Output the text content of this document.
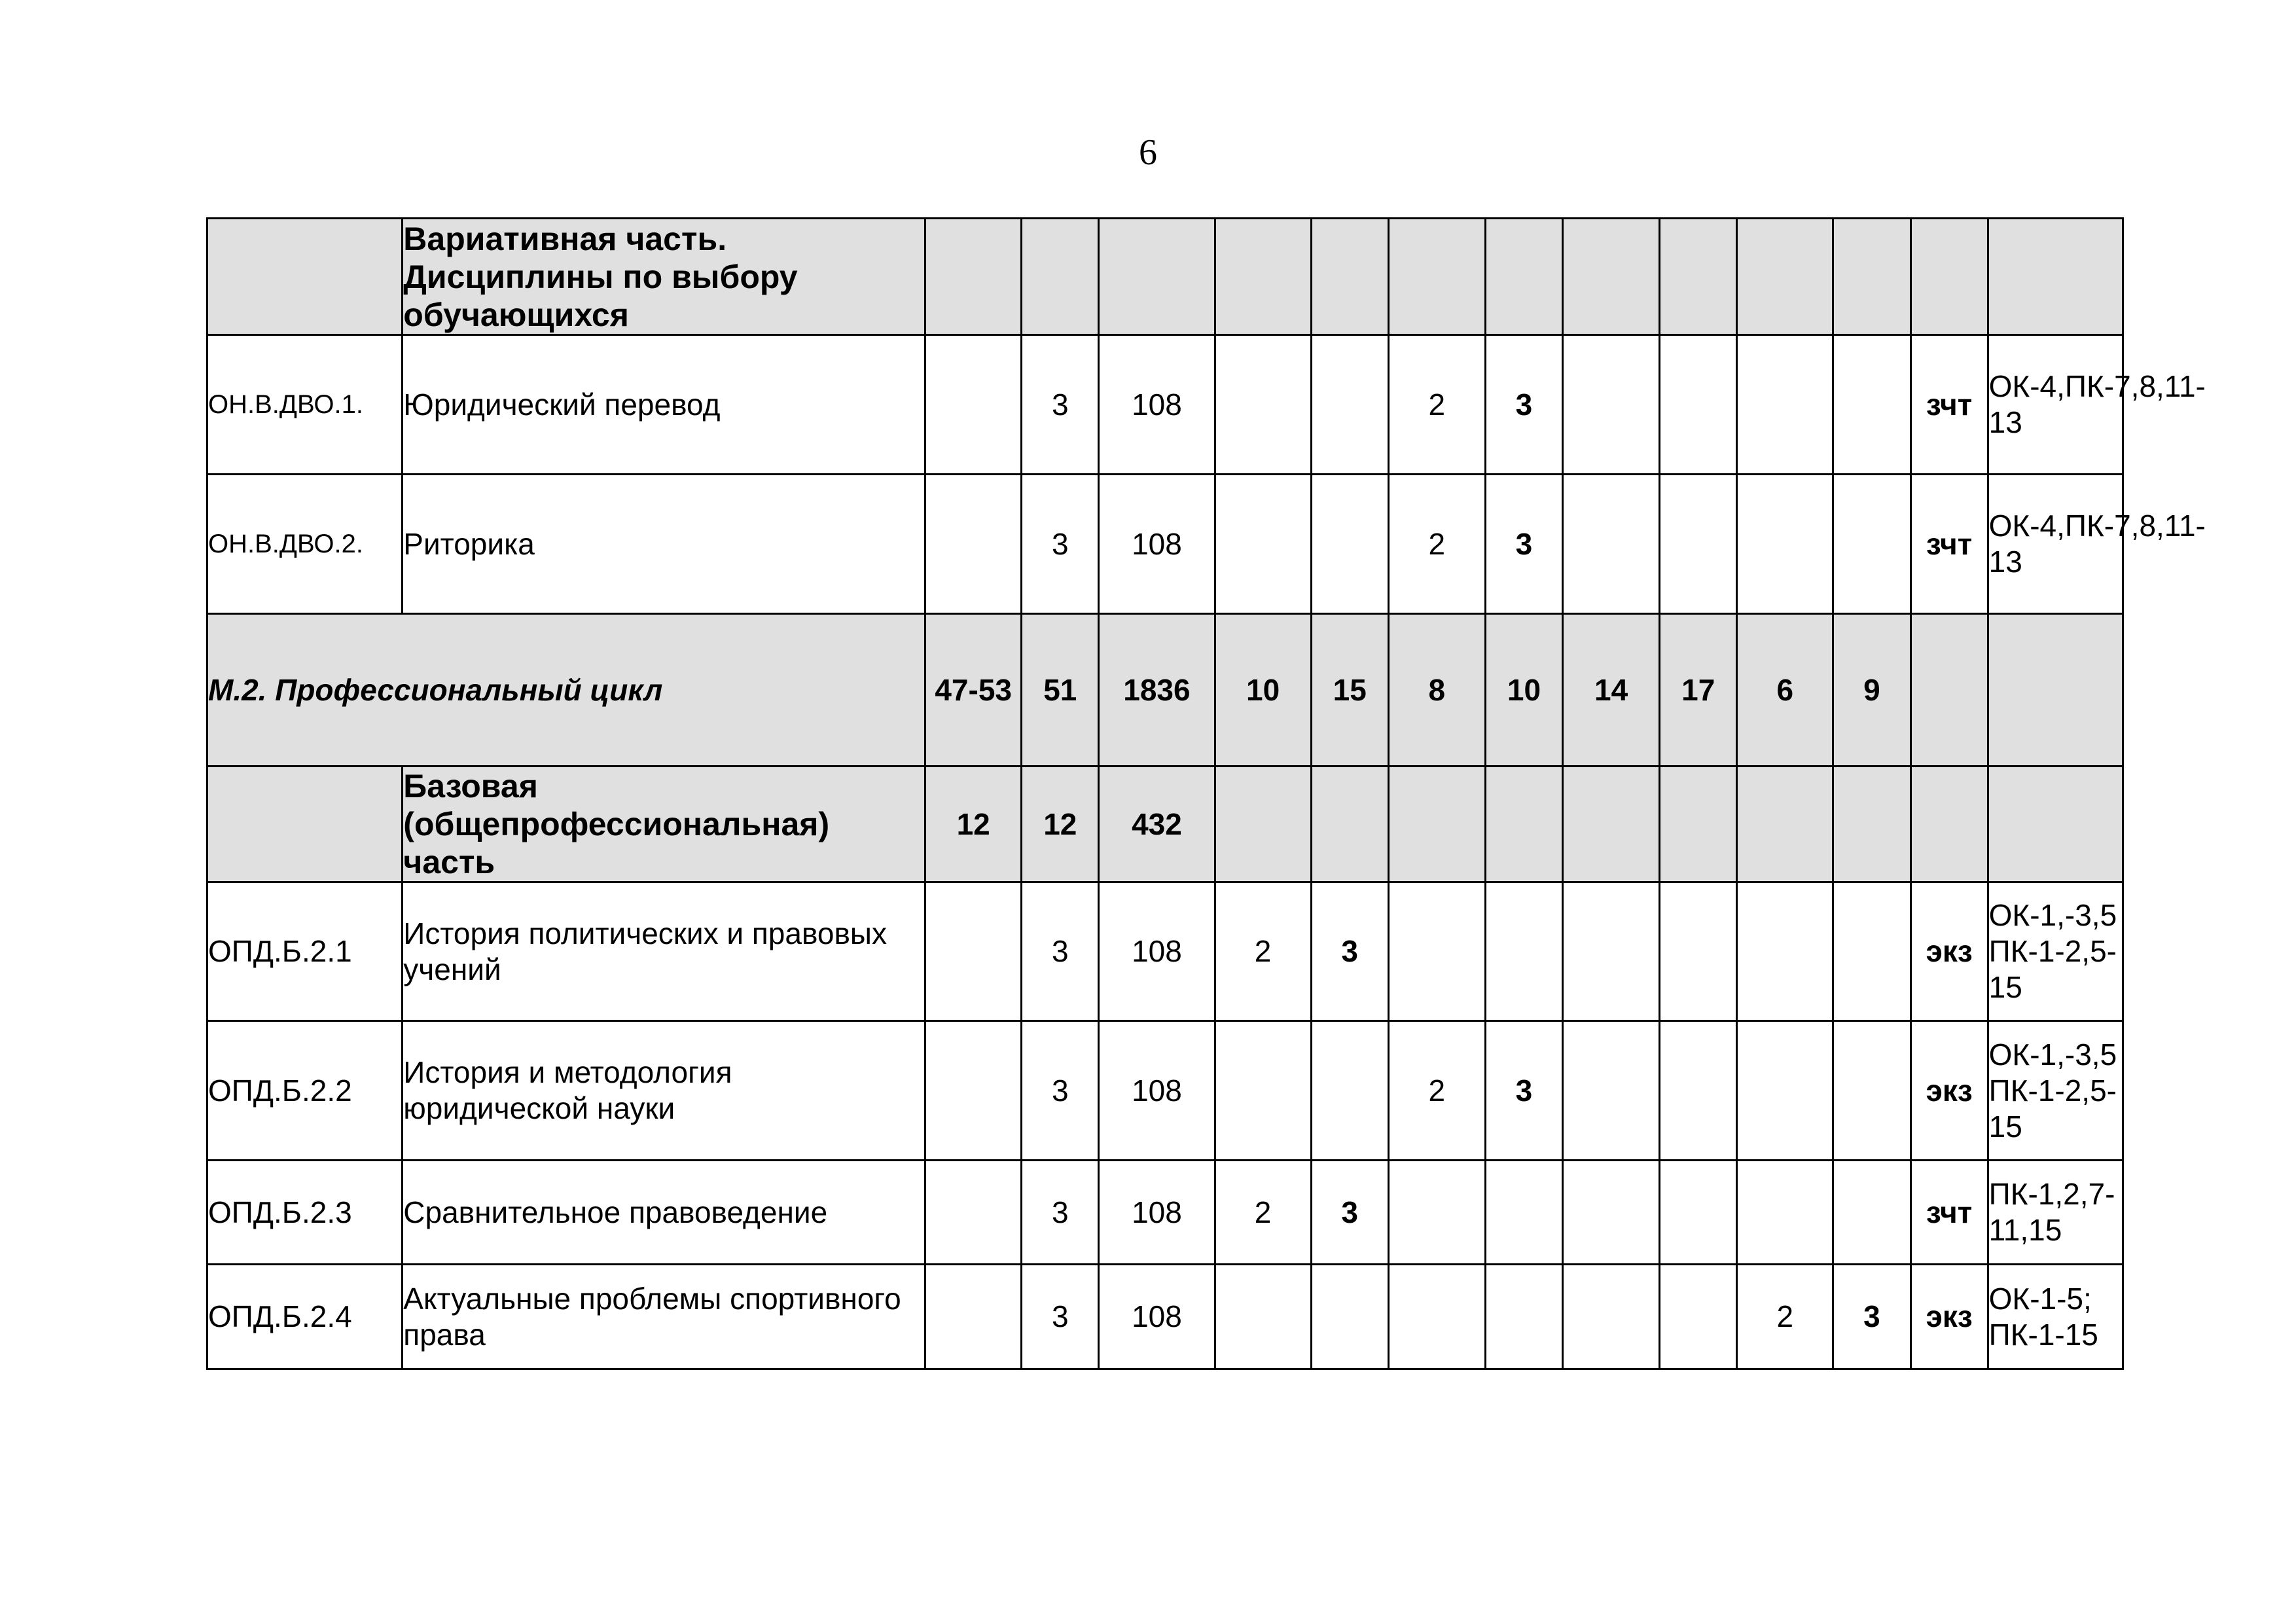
6
	Вариативная часть. Дисциплины по выбору обучающихся													
ОН.В.ДВО.1.	Юридический перевод		3	108			2	3					зчт	ОК-4,ПК-7,8,11-13
ОН.В.ДВО.2.	Риторика		3	108			2	3					зчт	ОК-4,ПК-7,8,11-13
М.2. Профессиональный цикл		47-53	51	1836	10	15	8	10	14	17	6	9		
	Базовая (общепрофессиональная) часть	12	12	432										
ОПД.Б.2.1	История политических и правовых учений		3	108	2	3							экз	ОК-1,-3,5 ПК-1-2,5-15
ОПД.Б.2.2	История и методология юридической науки		3	108			2	3					экз	ОК-1,-3,5 ПК-1-2,5-15
ОПД.Б.2.3	Сравнительное правоведение		3	108	2	3							зчт	ПК-1,2,7-11,15
ОПД.Б.2.4	Актуальные проблемы спортивного права		3	108							2	3	экз	ОК-1-5; ПК-1-15
